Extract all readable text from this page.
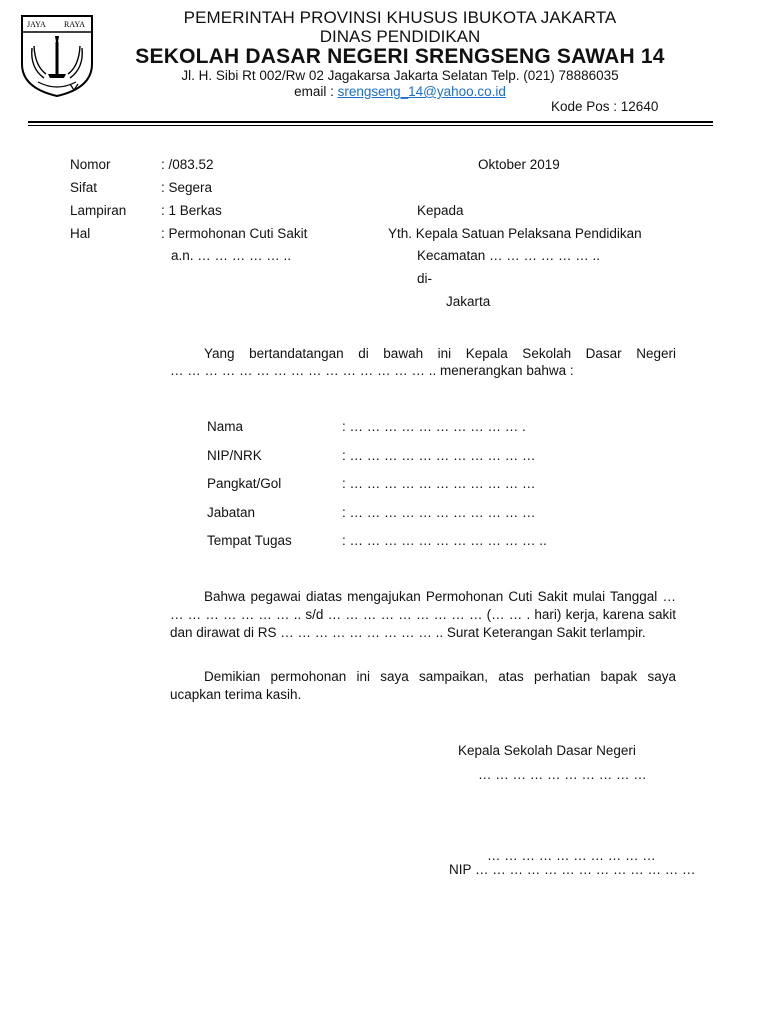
JAYA RAYA	PEMERINTAH PROVINSI KHUSUS IBUKOTA JAKARTA
DINAS PENDIDIKAN
SEKOLAH DASAR NEGERI SRENGSENG SAWAH 14
Jl. H. Sibi Rt 002/Rw 02 Jagakarsa Jakarta Selatan Telp. (021) 78886035
email : srengseng_14@yahoo.co.id
Kode Pos : 12640
Nomor	: /083.52	Oktober 2019
Sifat	: Segera
Lampiran	: 1 Berkas	Kepada
Hal	: Permohonan Cuti Sakit	Yth. Kepala Satuan Pelaksana Pendidikan
a.n. … … … … … ..	Kecamatan … … … … … … ..
di-
Jakarta
Yang bertandatangan di bawah ini Kepala Sekolah Dasar Negeri
… … … … … … … … … … … … … … … .. menerangkan bahwa :
Nama	: … … … … … … … … … … .
NIP/NRK	: … … … … … … … … … … …
Pangkat/Gol	: … … … … … … … … … … …
Jabatan	: … … … … … … … … … … …
Tempat Tugas	: … … … … … … … … … … … ..
Bahwa pegawai diatas mengajukan Permohonan Cuti Sakit mulai Tanggal … … … … … … … … .. s/d … … … … … … … … … (… … . hari) kerja, karena sakit dan dirawat di RS … … … … … … … … … .. Surat Keterangan Sakit terlampir.
Demikian permohonan ini saya sampaikan, atas perhatian bapak saya ucapkan terima kasih.
Kepala Sekolah Dasar Negeri
… … … … … … … … … …
… … … … … … … … … …
NIP … … … … … … … … … … … … …
